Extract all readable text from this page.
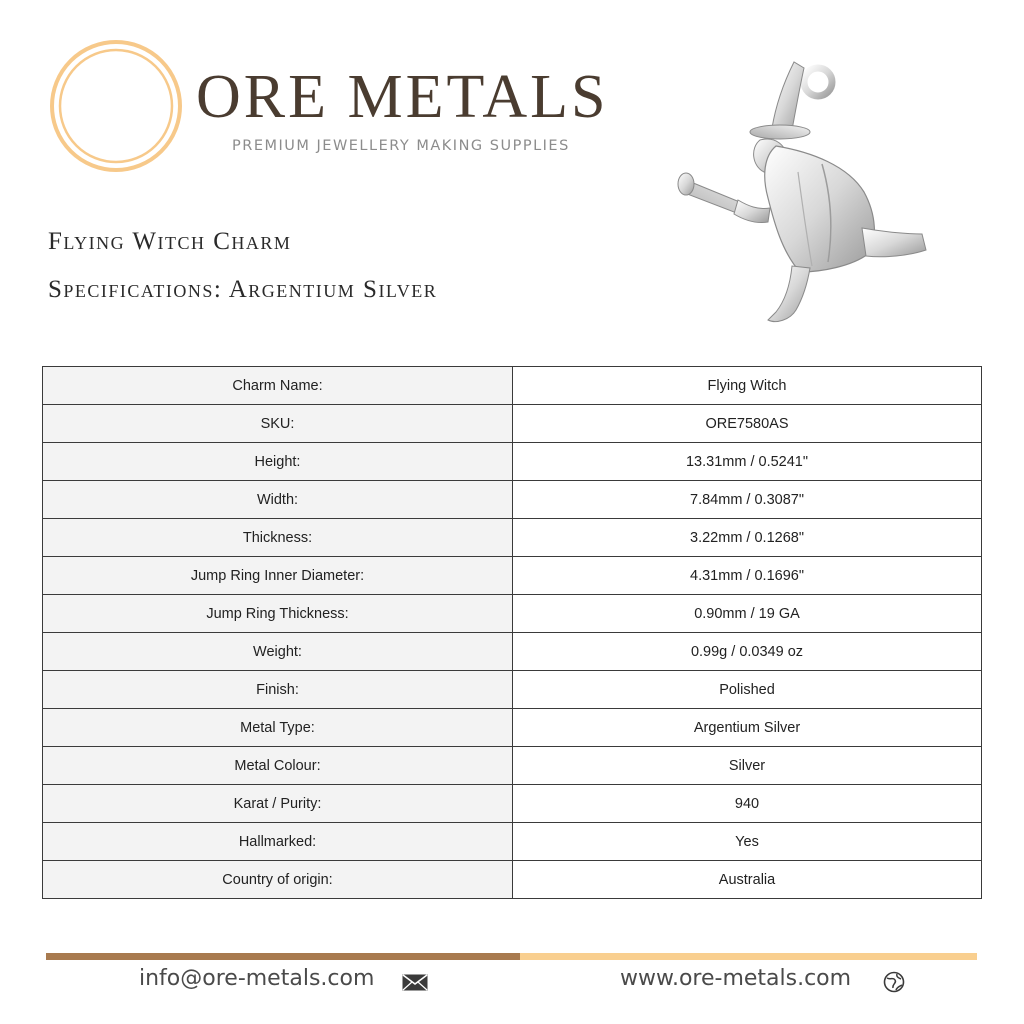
ORE METALS
PREMIUM JEWELLERY MAKING SUPPLIES
Flying Witch Charm
Specifications: Argentium Silver
Charm Name:	Flying Witch
SKU:	ORE7580AS
Height:	13.31mm / 0.5241"
Width:	7.84mm / 0.3087"
Thickness:	3.22mm / 0.1268"
Jump Ring Inner Diameter:	4.31mm / 0.1696"
Jump Ring Thickness:	0.90mm / 19 GA
Weight:	0.99g / 0.0349 oz
Finish:	Polished
Metal Type:	Argentium Silver
Metal Colour:	Silver
Karat / Purity:	940
Hallmarked:	Yes
Country of origin:	Australia
info@ore-metals.com	www.ore-metals.com
